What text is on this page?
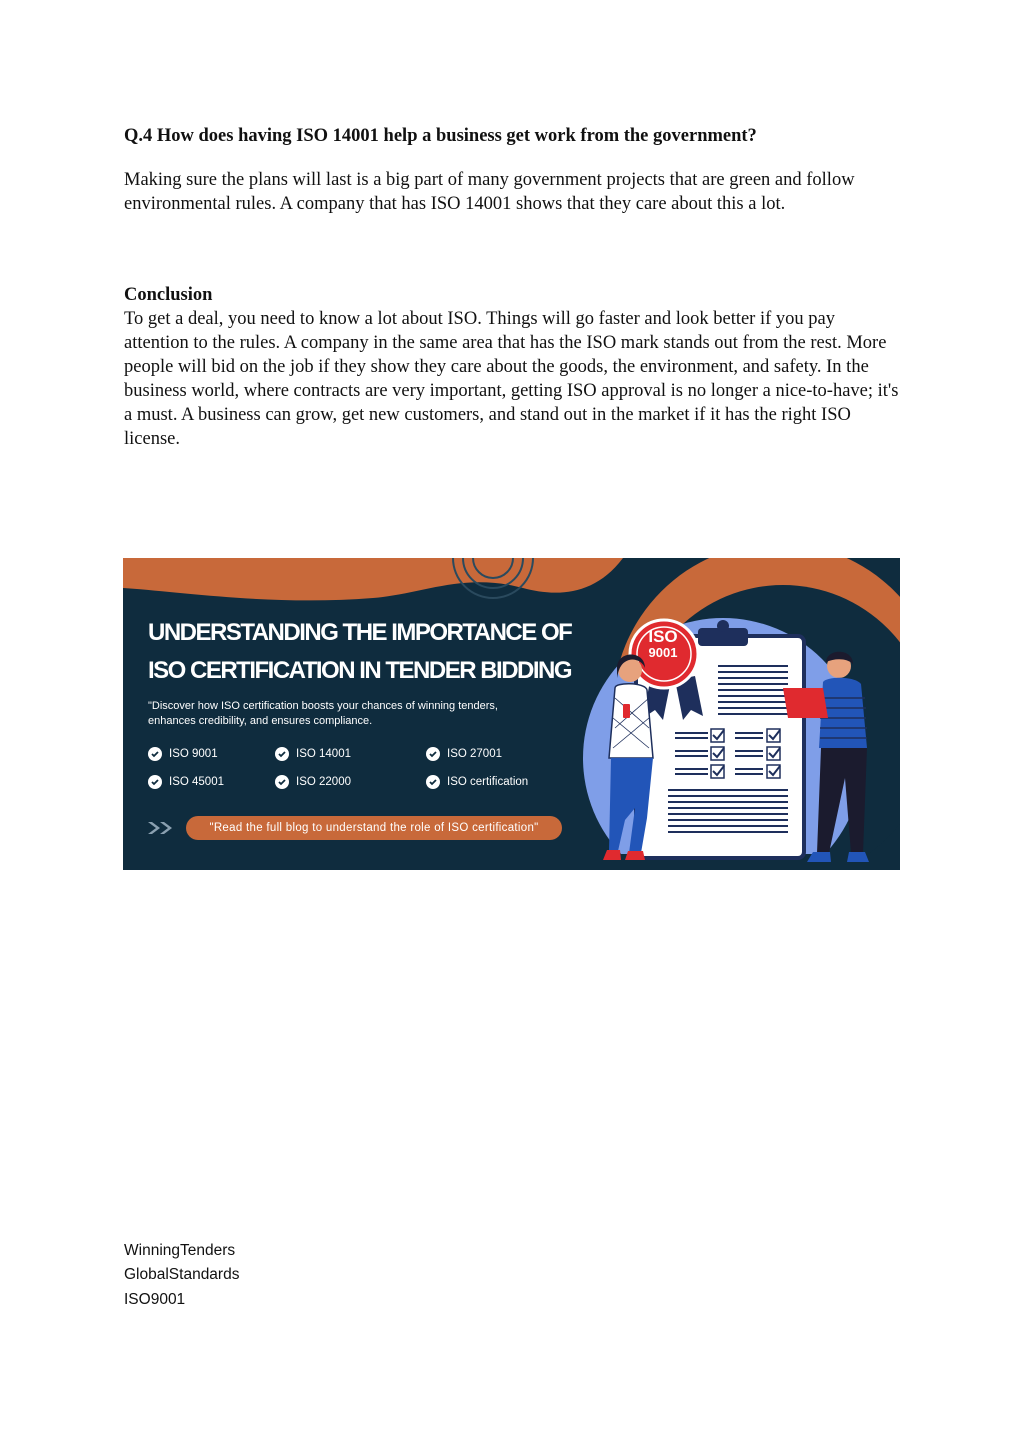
Q.4 How does having ISO 14001 help a business get work from the government?

Making sure the plans will last is a big part of many government projects that are green and follow environmental rules. A company that has ISO 14001 shows that they care about this a lot.

Conclusion

To get a deal, you need to know a lot about ISO. Things will go faster and look better if you pay attention to the rules. A company in the same area that has the ISO mark stands out from the rest. More people will bid on the job if they show they care about the goods, the environment, and safety. In the business world, where contracts are very important, getting ISO approval is no longer a nice-to-have; it's a must. A business can grow, get new customers, and stand out in the market if it has the right ISO license.

UNDERSTANDING THE IMPORTANCE OF
ISO CERTIFICATION IN TENDER BIDDING
"Discover how ISO certification boosts your chances of winning tenders, enhances credibility, and ensures compliance.
ISO 9001	ISO 14001	ISO 27001
ISO 45001	ISO 22000	ISO certification
"Read the full blog to understand the role of ISO certification"
ISO
9001
WinningTenders
GlobalStandards
ISO9001
